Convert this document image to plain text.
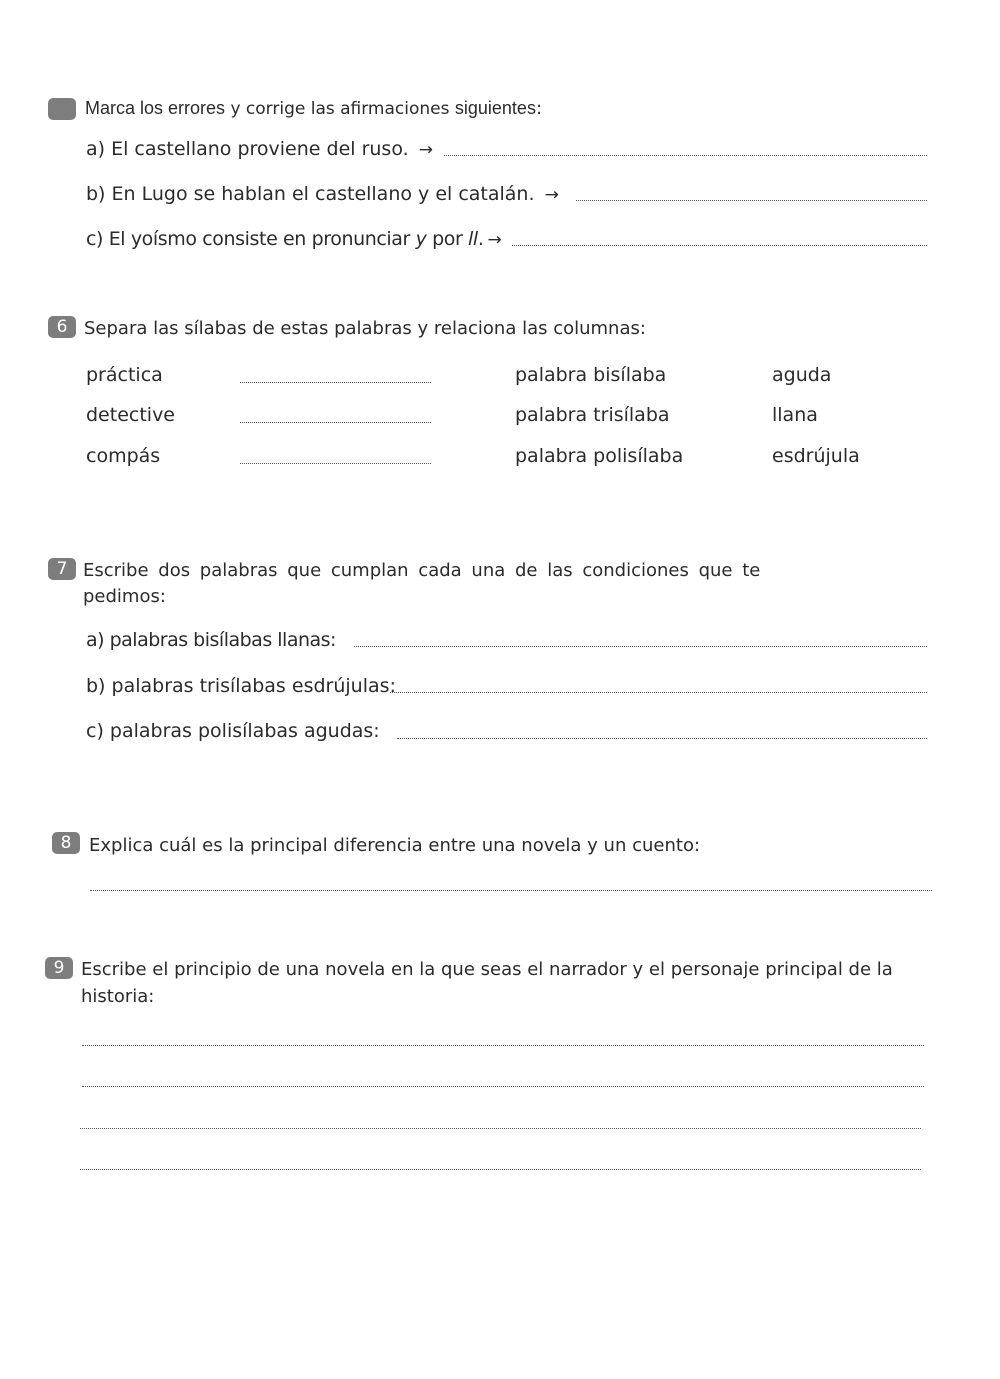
Marca los errores y corrige las afirmaciones siguientes:
a) El castellano proviene del ruso. →
b) En Lugo se hablan el castellano y el catalán. →
c) El yoísmo consiste en pronunciar y por ll. →
6 Separa las sílabas de estas palabras y relaciona las columnas:
práctica	palabra bisílaba	aguda
detective	palabra trisílaba	llana
compás	palabra polisílaba	esdrújula
7 Escribe dos palabras que cumplan cada una de las condiciones que te
pedimos:
a) palabras bisílabas llanas:
b) palabras trisílabas esdrújulas:
c) palabras polisílabas agudas:
8 Explica cuál es la principal diferencia entre una novela y un cuento:
9 Escribe el principio de una novela en la que seas el narrador y el personaje principal de la
historia:
